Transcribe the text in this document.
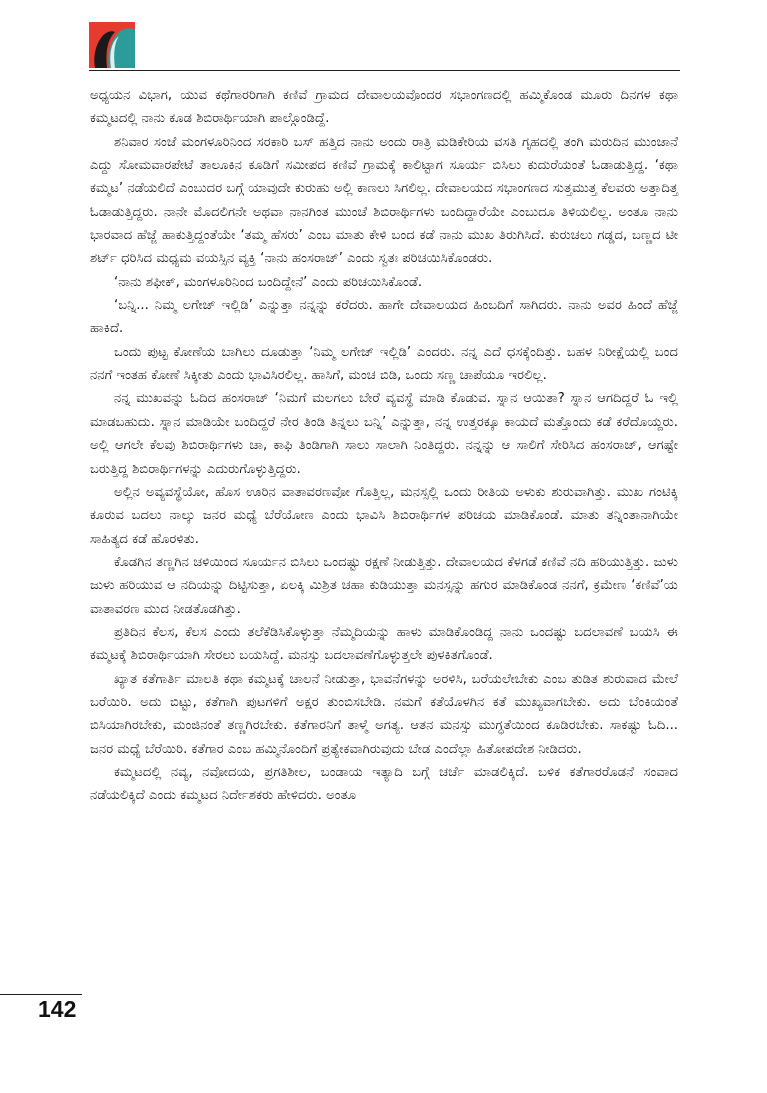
ಅಧ್ಯಯನ ವಿಭಾಗ, ಯುವ ಕಥೆಗಾರರಿಗಾಗಿ ಕಣಿವೆ ಗ್ರಾಮದ ದೇವಾಲಯವೊಂದರ ಸಭಾಂಗಣದಲ್ಲಿ ಹಮ್ಮಿಕೊಂಡ ಮೂರು ದಿನಗಳ ಕಥಾ ಕಮ್ಮಟದಲ್ಲಿ ನಾನು ಕೂಡ ಶಿಬಿರಾರ್ಥಿಯಾಗಿ ಪಾಲ್ಗೊಂಡಿದ್ದೆ.

ಶನಿವಾರ ಸಂಜೆ ಮಂಗಳೂರಿನಿಂದ ಸರಕಾರಿ ಬಸ್ ಹತ್ತಿದ ನಾನು ಅಂದು ರಾತ್ರಿ ಮಡಿಕೇರಿಯ ವಸತಿ ಗೃಹದಲ್ಲಿ ತಂಗಿ ಮರುದಿನ ಮುಂಜಾನೆ ಎದ್ದು ಸೋಮವಾರಪೇಟೆ ತಾಲೂಕಿನ ಕೂಡಿಗೆ ಸಮೀಪದ ಕಣಿವೆ ಗ್ರಾಮಕ್ಕೆ ಕಾಲಿಟ್ಟಾಗ ಸೂರ್ಯ ಬಿಸಿಲು ಕುದುರೆಯಂತೆ ಓಡಾಡುತ್ತಿದ್ದ. ‘ಕಥಾ ಕಮ್ಮಟ’ ನಡೆಯಲಿದೆ ಎಂಬುದರ ಬಗ್ಗೆ ಯಾವುದೇ ಕುರುಹು ಅಲ್ಲಿ ಕಾಣಲು ಸಿಗಲಿಲ್ಲ. ದೇವಾಲಯದ ಸಭಾಂಗಣದ ಸುತ್ತಮುತ್ತ ಕೆಲವರು ಅತ್ತಾದಿತ್ತ ಓಡಾಡುತ್ತಿದ್ದರು. ನಾನೇ ಮೊದಲಿಗನೇ ಅಥವಾ ನಾನಗಿಂತ ಮುಂಚೆ ಶಿಬಿರಾರ್ಥಿಗಳು ಬಂದಿದ್ದಾರೆಯೇ ಎಂಬುದೂ ತಿಳಿಯಲಿಲ್ಲ. ಅಂತೂ ನಾನು ಭಾರವಾದ ಹೆಜ್ಜೆ ಹಾಕುತ್ತಿದ್ದಂತೆಯೇ ‘ತಮ್ಮ ಹೆಸರು’ ಎಂಬ ಮಾತು ಕೇಳಿ ಬಂದ ಕಡೆ ನಾನು ಮುಖ ತಿರುಗಿಸಿದೆ. ಕುರುಚಲು ಗಡ್ಡದ, ಬಣ್ಣದ ಟೀ ಶರ್ಟ್ ಧರಿಸಿದ ಮಧ್ಯಮ ವಯಸ್ಸಿನ ವ್ಯಕ್ತಿ ‘ನಾನು ಹಂಸರಾಜ್’ ಎಂದು ಸ್ವತಃ ಪರಿಚಯಿಸಿಕೊಂಡರು.

‘ನಾನು ಶಫೀಕ್, ಮಂಗಳೂರಿನಿಂದ ಬಂದಿದ್ದೇನೆ’ ಎಂದು ಪರಿಚಯಿಸಿಕೊಂಡೆ.

‘ಬನ್ನಿ... ನಿಮ್ಮ ಲಗೇಜ್ ಇಲ್ಲಿಡಿ’ ಎನ್ನುತ್ತಾ ನನ್ನನ್ನು ಕರೆದರು. ಹಾಗೇ ದೇವಾಲಯದ ಹಿಂಬದಿಗೆ ಸಾಗಿದರು. ನಾನು ಅವರ ಹಿಂದೆ ಹೆಜ್ಜೆ ಹಾಕಿದೆ.

ಒಂದು ಪುಟ್ಟ ಕೋಣೆಯ ಬಾಗಿಲು ದೂಡುತ್ತಾ ‘ನಿಮ್ಮ ಲಗೇಜ್ ಇಲ್ಲಿಡಿ’ ಎಂದರು. ನನ್ನ ಎದೆ ಧಸಕ್ಕೆಂದಿತ್ತು. ಬಹಳ ನಿರೀಕ್ಷೆಯಲ್ಲಿ ಬಂದ ನನಗೆ ಇಂತಹ ಕೋಣೆ ಸಿಕ್ಕೀತು ಎಂದು ಭಾವಿಸಿರಲಿಲ್ಲ. ಹಾಸಿಗೆ, ಮಂಚ ಬಿಡಿ, ಒಂದು ಸಣ್ಣ ಚಾಪೆಯೂ ಇರಲಿಲ್ಲ.

ನನ್ನ ಮುಖವನ್ನು ಓದಿದ ಹಂಸರಾಜ್ ‘ನಿಮಗೆ ಮಲಗಲು ಬೇರೆ ವ್ಯವಸ್ಥೆ ಮಾಡಿ ಕೊಡುವ. ಸ್ನಾನ ಆಯಿತಾ? ಸ್ನಾನ ಆಗದಿದ್ದರೆ ಓ ಇಲ್ಲಿ ಮಾಡಬಹುದು. ಸ್ನಾನ ಮಾಡಿಯೇ ಬಂದಿದ್ದರೆ ನೇರ ತಿಂಡಿ ತಿನ್ನಲು ಬನ್ನಿ’ ಎನ್ನುತ್ತಾ, ನನ್ನ ಉತ್ತರಕ್ಕೂ ಕಾಯದೆ ಮತ್ತೊಂದು ಕಡೆ ಕರೆದೊಯ್ದರು. ಅಲ್ಲಿ ಆಗಲೇ ಕೆಲವು ಶಿಬಿರಾರ್ಥಿಗಳು ಚಾ, ಕಾಫಿ ತಿಂಡಿಗಾಗಿ ಸಾಲು ಸಾಲಾಗಿ ನಿಂತಿದ್ದರು. ನನ್ನನ್ನು ಆ ಸಾಲಿಗೆ ಸೇರಿಸಿದ ಹಂಸರಾಜ್, ಆಗಷ್ಟೇ ಬರುತ್ತಿದ್ದ ಶಿಬಿರಾರ್ಥಿಗಳನ್ನು ಎದುರುಗೊಳ್ಳುತ್ತಿದ್ದರು.

ಅಲ್ಲಿನ ಅವ್ಯವಸ್ಥೆಯೋ, ಹೊಸ ಊರಿನ ವಾತಾವರಣವೋ ಗೊತ್ತಿಲ್ಲ, ಮನಸ್ಸಲ್ಲಿ ಒಂದು ರೀತಿಯ ಅಳುಕು ಶುರುವಾಗಿತ್ತು. ಮುಖ ಗಂಟಿಕ್ಕಿ ಕೂರುವ ಬದಲು ನಾಲ್ಕು ಜನರ ಮಧ್ಯೆ ಬೆರೆಯೋಣ ಎಂದು ಭಾವಿಸಿ ಶಿಬಿರಾರ್ಥಿಗಳ ಪರಿಚಯ ಮಾಡಿಕೊಂಡೆ. ಮಾತು ತನ್ನಿಂತಾನಾಗಿಯೇ ಸಾಹಿತ್ಯದ ಕಡೆ ಹೊರಳಿತು.

ಕೊಡಗಿನ ತಣ್ಣಗಿನ ಚಳಿಯಿಂದ ಸೂರ್ಯನ ಬಿಸಿಲು ಒಂದಷ್ಟು ರಕ್ಷಣೆ ನೀಡುತ್ತಿತ್ತು. ದೇವಾಲಯದ ಕೆಳಗಡೆ ಕಣಿವೆ ನದಿ ಹರಿಯುತ್ತಿತ್ತು. ಜುಳು ಜುಳು ಹರಿಯುವ ಆ ನದಿಯನ್ನು ದಿಟ್ಟಿಸುತ್ತಾ, ಏಲಕ್ಕಿ ಮಿಶ್ರಿತ ಚಹಾ ಕುಡಿಯುತ್ತಾ ಮನಸ್ಸನ್ನು ಹಗುರ ಮಾಡಿಕೊಂಡ ನನಗೆ, ಕ್ರಮೇಣ ‘ಕಣಿವೆ’ಯ ವಾತಾವರಣ ಮುದ ನೀಡತೊಡಗಿತ್ತು.

ಪ್ರತಿದಿನ ಕೆಲಸ, ಕೆಲಸ ಎಂದು ತಲೆಕೆಡಿಸಿಕೊಳ್ಳುತ್ತಾ ನೆಮ್ಮದಿಯನ್ನು ಹಾಳು ಮಾಡಿಕೊಂಡಿದ್ದ ನಾನು ಒಂದಷ್ಟು ಬದಲಾವಣೆ ಬಯಸಿ ಈ ಕಮ್ಮಟಕ್ಕೆ ಶಿಬಿರಾರ್ಥಿಯಾಗಿ ಸೇರಲು ಬಯಸಿದ್ದೆ. ಮನಸ್ಸು ಬದಲಾವಣೆಗೊಳ್ಳುತ್ತಲೇ ಪುಳಕಿತಗೊಂಡೆ.

ಖ್ಯಾತ ಕತೆಗಾರ್ತಿ ಮಾಲತಿ ಕಥಾ ಕಮ್ಮಟಕ್ಕೆ ಚಾಲನೆ ನೀಡುತ್ತಾ, ಭಾವನೆಗಳನ್ನು ಅರಳಿಸಿ, ಬರೆಯಲೇಬೇಕು ಎಂಬ ತುಡಿತ ಶುರುವಾದ ಮೇಲೆ ಬರೆಯಿರಿ. ಅದು ಬಿಟ್ಟು, ಕತೆಗಾಗಿ ಪುಟಗಳಿಗೆ ಅಕ್ಷರ ತುಂಬಿಸಬೇಡಿ. ನಮಗೆ ಕತೆಯೊಳಗಿನ ಕತೆ ಮುಖ್ಯವಾಗಬೇಕು. ಅದು ಬೆಂಕಿಯಂತೆ ಬಿಸಿಯಾಗಿರಬೇಕು, ಮಂಜಿನಂತೆ ತಣ್ಣಗಿರಬೇಕು. ಕತೆಗಾರನಿಗೆ ತಾಳ್ಮೆ ಅಗತ್ಯ. ಆತನ ಮನಸ್ಸು ಮುಗ್ಧತೆಯಿಂದ ಕೂಡಿರಬೇಕು. ಸಾಕಷ್ಟು ಓದಿ... ಜನರ ಮಧ್ಯೆ ಬೆರೆಯಿರಿ. ಕತೆಗಾರ ಎಂಬ ಹಮ್ಮಿನೊಂದಿಗೆ ಪ್ರತ್ಯೇಕವಾಗಿರುವುದು ಬೇಡ ಎಂದೆಲ್ಲಾ ಹಿತೋಪದೇಶ ನೀಡಿದರು.

ಕಮ್ಮಟದಲ್ಲಿ ನವ್ಯ, ನವೋದಯ, ಪ್ರಗತಿಶೀಲ, ಬಂಡಾಯ ಇತ್ಯಾದಿ ಬಗ್ಗೆ ಚರ್ಚೆ ಮಾಡಲಿಕ್ಕಿದೆ. ಬಳಿಕ ಕತೆಗಾರರೊಡನೆ ಸಂವಾದ ನಡೆಯಲಿಕ್ಕಿದೆ ಎಂದು ಕಮ್ಮಟದ ನಿರ್ದೇಶಕರು ಹೇಳಿದರು. ಅಂತೂ

142
